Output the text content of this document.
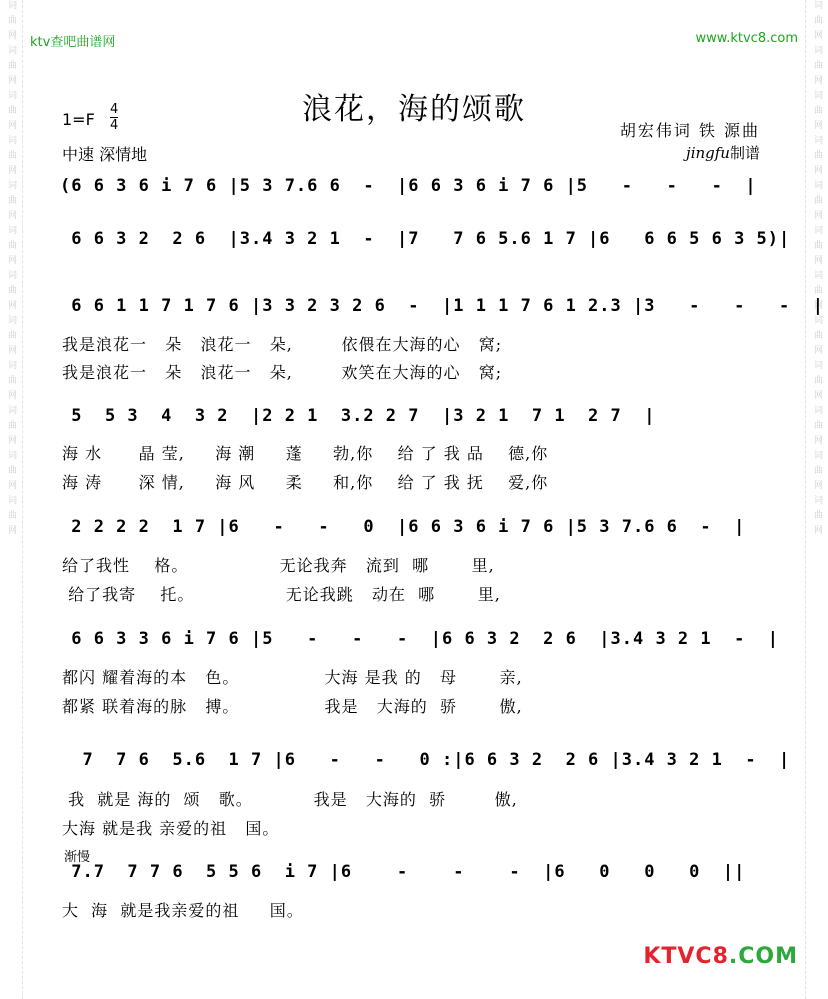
词曲网词曲网词曲网词曲网词曲网词曲网词曲网词曲网词曲网词曲网词曲网词曲网	词曲网词曲网词曲网词曲网词曲网词曲网词曲网词曲网词曲网词曲网词曲网词曲网
ktv查吧曲谱网	www.ktvc8.com
浪花，海的颂歌
1=F
4
4
中速 深情地
胡宏伟词 铁 源曲
jingfu制谱
(6 6 3 6 i 7 6 |5 3 7.6 6  -  |6 6 3 6 i 7 6 |5   -   -   -  |
6 6 3 2  2 6  |3.4 3 2 1  -  |7   7 6 5.6 1 7 |6   6 6 5 6 3 5)|
6 6 1 1 7 1 7 6 |3 3 2 3 2 6  -  |1 1 1 7 6 1 2.3 |3   -   -   -  |
我是浪花一   朵   浪花一   朵,        依偎在大海的心   窝;
我是浪花一   朵   浪花一   朵,        欢笑在大海的心   窝;
5  5 3  4  3 2  |2 2 1  3.2 2 7  |3 2 1  7 1  2 7  |
海 水      晶 莹,     海 潮     蓬     勃,你    给 了 我 品    德,你
海 涛      深 情,     海 风     柔     和,你    给 了 我 抚    爱,你
2 2 2 2  1 7 |6   -   -   0  |6 6 3 6 i 7 6 |5 3 7.6 6  -  |
给了我性    格。               无论我奔   流到  哪       里,
给了我寄    托。               无论我跳   动在  哪       里,
6 6 3 3 6 i 7 6 |5   -   -   -  |6 6 3 2  2 6  |3.4 3 2 1  -  |
都闪 耀着海的本   色。              大海 是我 的   母       亲,
都紧 联着海的脉   搏。              我是   大海的  骄       傲,
7  7 6  5.6  1 7 |6   -   -   0 :|6 6 3 2  2 6 |3.4 3 2 1  -  |
我  就是 海的  颂   歌。          我是   大海的  骄        傲,
大海 就是我 亲爱的祖   国。
渐慢
7.7  7 7 6  5 5 6  i 7 |6    -    -    -  |6   0   0   0  ||
大  海  就是我亲爱的祖     国。
KTVC8.COM
